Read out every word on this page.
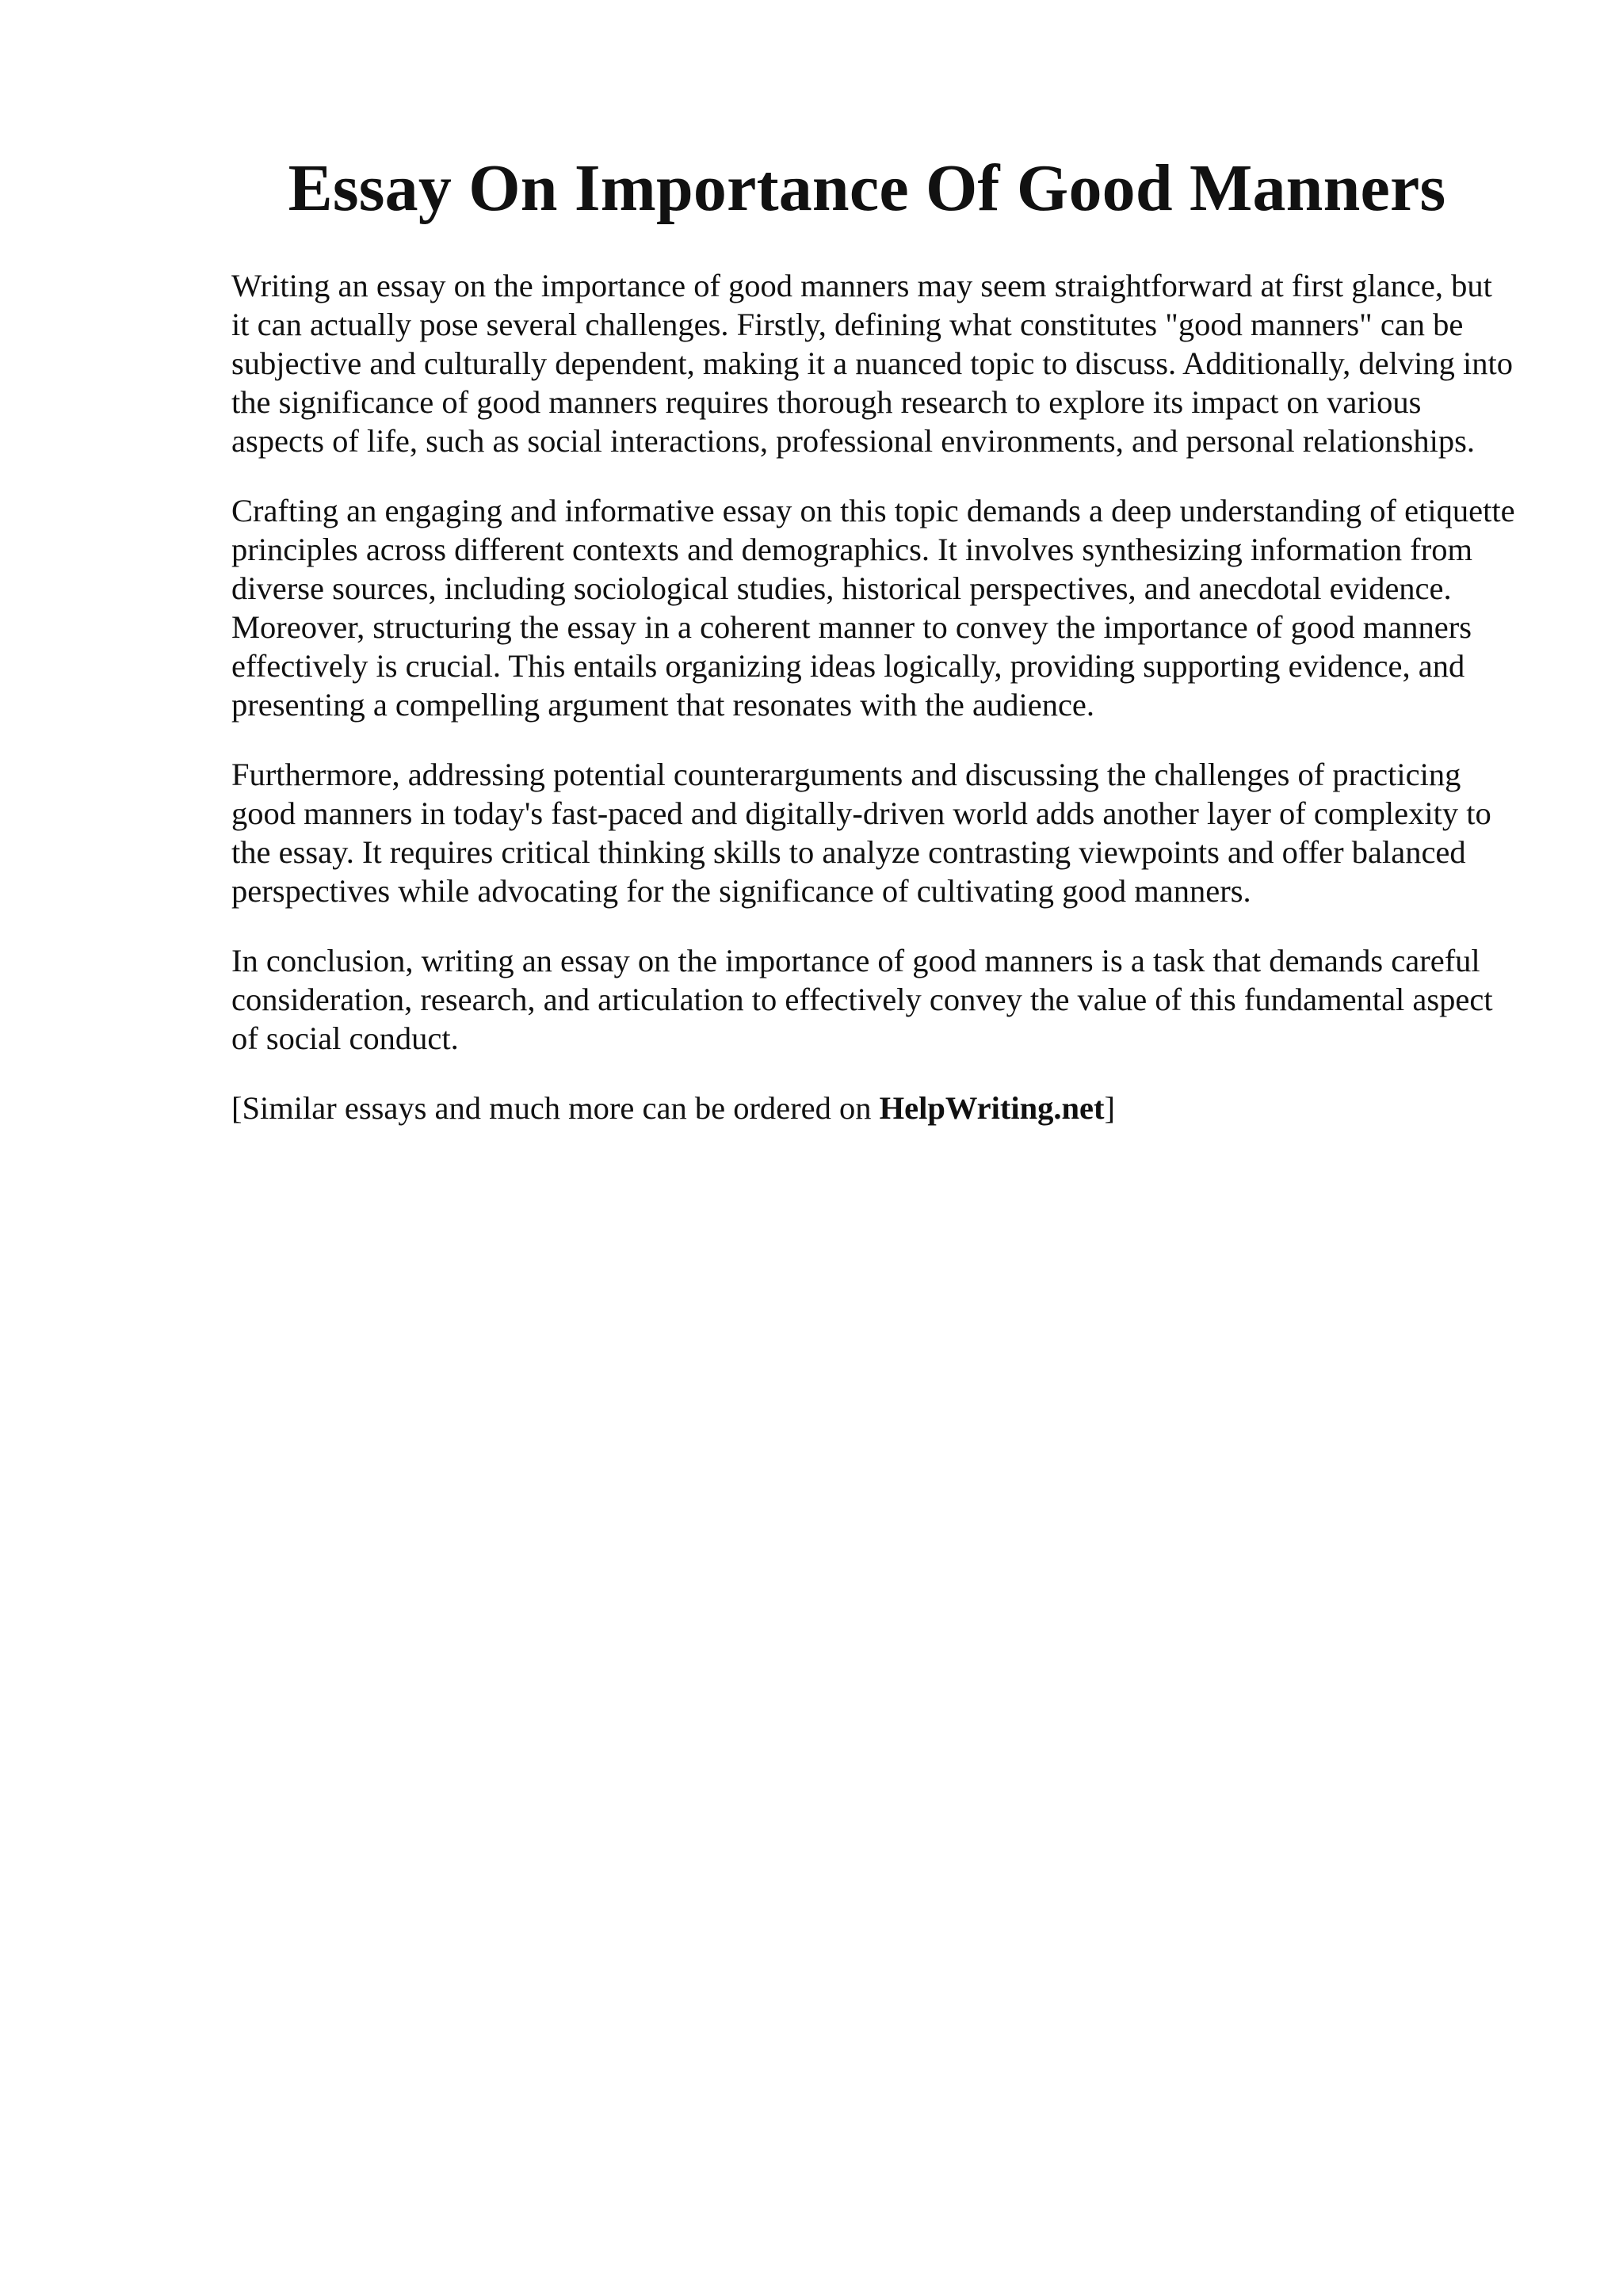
Essay On Importance Of Good Manners

Writing an essay on the importance of good manners may seem straightforward at first glance, but it can actually pose several challenges. Firstly, defining what constitutes "good manners" can be subjective and culturally dependent, making it a nuanced topic to discuss. Additionally, delving into the significance of good manners requires thorough research to explore its impact on various aspects of life, such as social interactions, professional environments, and personal relationships.

Crafting an engaging and informative essay on this topic demands a deep understanding of etiquette principles across different contexts and demographics. It involves synthesizing information from diverse sources, including sociological studies, historical perspectives, and anecdotal evidence. Moreover, structuring the essay in a coherent manner to convey the importance of good manners effectively is crucial. This entails organizing ideas logically, providing supporting evidence, and presenting a compelling argument that resonates with the audience.

Furthermore, addressing potential counterarguments and discussing the challenges of practicing good manners in today's fast-paced and digitally-driven world adds another layer of complexity to the essay. It requires critical thinking skills to analyze contrasting viewpoints and offer balanced perspectives while advocating for the significance of cultivating good manners.

In conclusion, writing an essay on the importance of good manners is a task that demands careful consideration, research, and articulation to effectively convey the value of this fundamental aspect of social conduct.

[Similar essays and much more can be ordered on HelpWriting.net]
